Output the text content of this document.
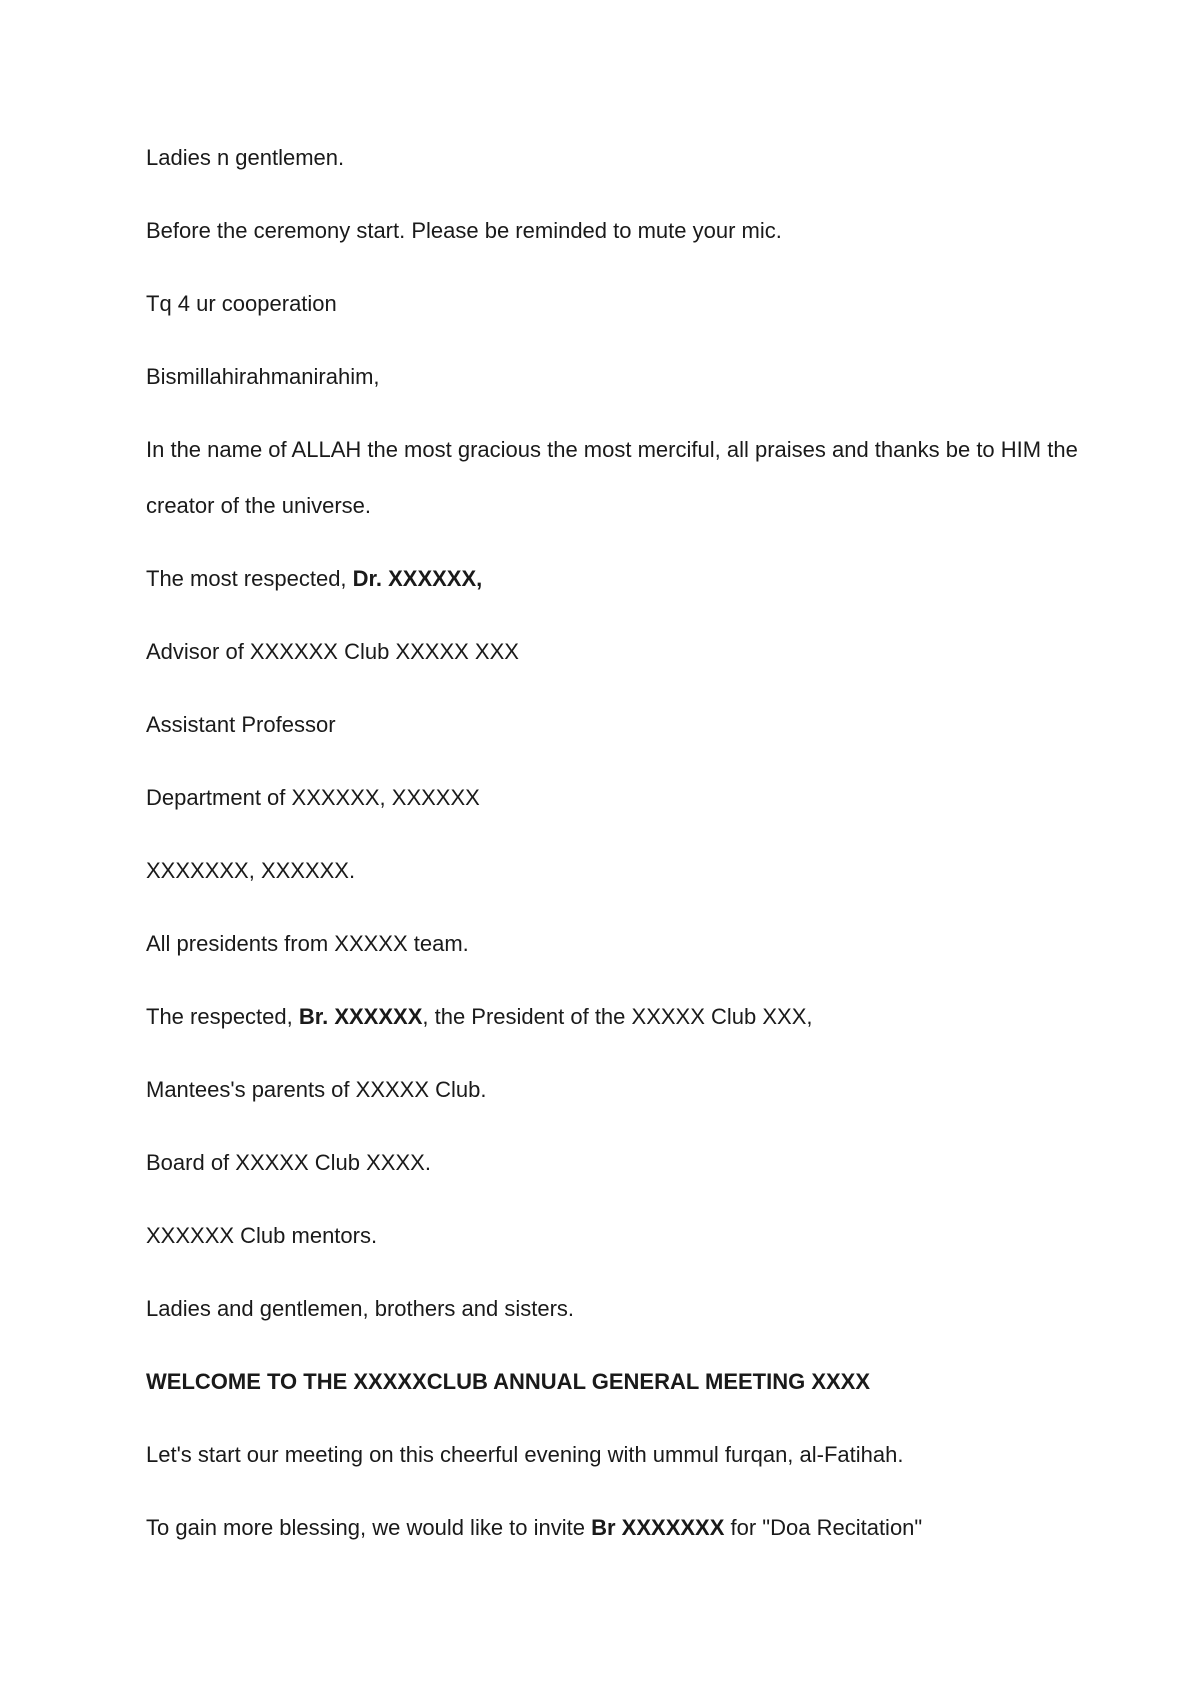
Ladies n gentlemen.

Before the ceremony start. Please be reminded to mute your mic.

Tq 4 ur cooperation

Bismillahirahmanirahim,

In the name of ALLAH the most gracious the most merciful, all praises and thanks be to HIM the creator of the universe.

The most respected, Dr. XXXXXX,

Advisor of XXXXXX Club XXXXX XXX

Assistant Professor

Department of XXXXXX, XXXXXX

XXXXXXX, XXXXXX.

All presidents from XXXXX team.

The respected, Br. XXXXXX, the President of the XXXXX Club XXX,

Mantees's parents of XXXXX Club.

Board of XXXXX Club XXXX.

XXXXXX Club mentors.

Ladies and gentlemen, brothers and sisters.

WELCOME TO THE XXXXXCLUB ANNUAL GENERAL MEETING XXXX

Let's start our meeting on this cheerful evening with ummul furqan, al-Fatihah.

To gain more blessing, we would like to invite Br XXXXXXX for "Doa Recitation"
